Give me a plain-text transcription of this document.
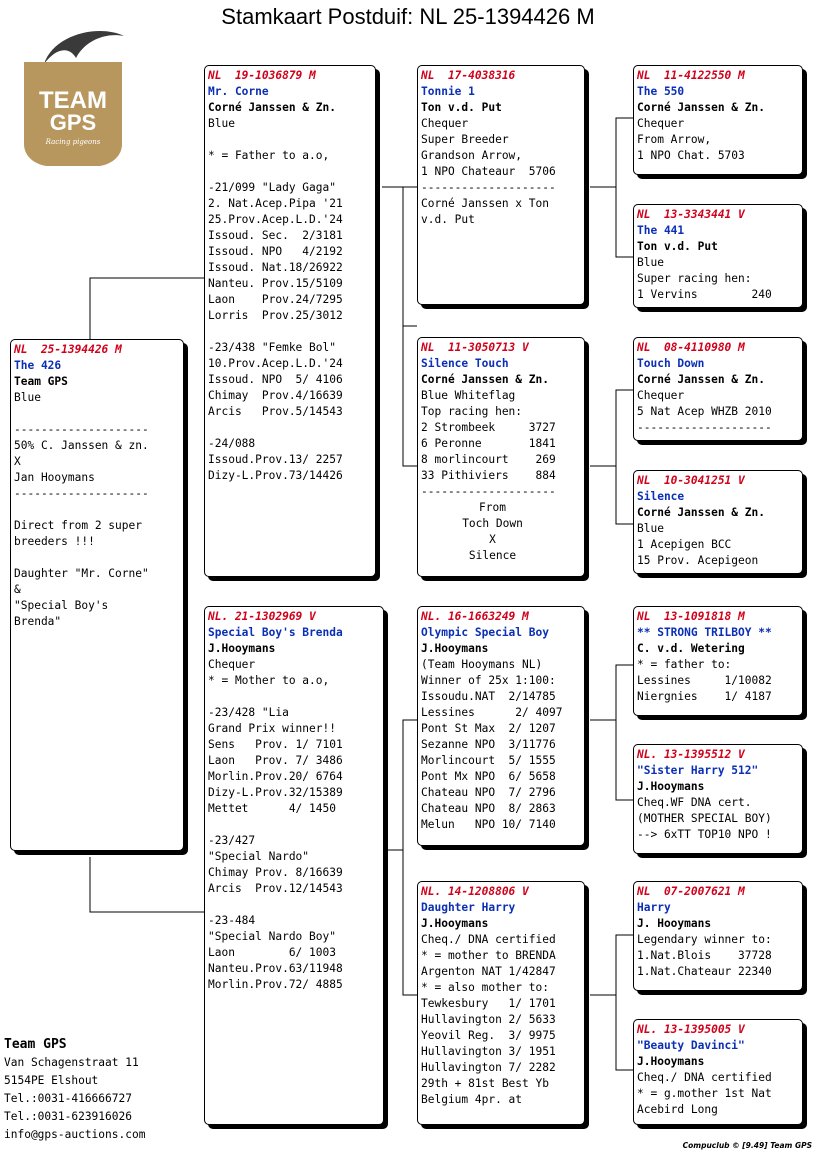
Stamkaart Postduif: NL 25-1394426 M
TEAM
GPS
Racing pigeons
NL  25-1394426 M
The 426
Team GPS
Blue
--------------------
50% C. Janssen & zn.
X
Jan Hooymans
--------------------
Direct from 2 super
breeders !!!
Daughter "Mr. Corne"
&
"Special Boy's
Brenda"
NL  19-1036879 M
Mr. Corne
Corné Janssen & Zn.
Blue
* = Father to a.o,
-21/099 "Lady Gaga"
2. Nat.Acep.Pipa '21
25.Prov.Acep.L.D.'24
Issoud. Sec.  2/3181
Issoud. NPO   4/2192
Issoud. Nat.18/26922
Nanteu. Prov.15/5109
Laon    Prov.24/7295
Lorris  Prov.25/3012
-23/438 "Femke Bol"
10.Prov.Acep.L.D.'24
Issoud. NPO  5/ 4106
Chimay  Prov.4/16639
Arcis   Prov.5/14543
-24/088
Issoud.Prov.13/ 2257
Dizy-L.Prov.73/14426
NL. 21-1302969 V
Special Boy's Brenda
J.Hooymans
Chequer
* = Mother to a.o,
-23/428 "Lia
Grand Prix winner!!
Sens   Prov. 1/ 7101
Laon   Prov. 7/ 3486
Morlin.Prov.20/ 6764
Dizy-L.Prov.32/15389
Mettet      4/ 1450
-23/427
"Special Nardo"
Chimay Prov. 8/16639
Arcis  Prov.12/14543
-23-484
"Special Nardo Boy"
Laon        6/ 1003
Nanteu.Prov.63/11948
Morlin.Prov.72/ 4885
NL  17-4038316
Tonnie 1
Ton v.d. Put
Chequer
Super Breeder
Grandson Arrow,
1 NPO Chateaur  5706
--------------------
Corné Janssen x Ton
v.d. Put
NL  11-3050713 V
Silence Touch
Corné Janssen & Zn.
Blue Whiteflag
Top racing hen:
2 Strombeek     3727
6 Peronne       1841
8 morlincourt    269
33 Pithiviers    884
--------------------
From
Toch Down
X
Silence
NL. 16-1663249 M
Olympic Special Boy
J.Hooymans
(Team Hooymans NL)
Winner of 25x 1:100:
Issoudu.NAT  2/14785
Lessines      2/ 4097
Pont St Max  2/ 1207
Sezanne NPO  3/11776
Morlincourt  5/ 1555
Pont Mx NPO  6/ 5658
Chateau NPO  7/ 2796
Chateau NPO  8/ 2863
Melun   NPO 10/ 7140
NL. 14-1208806 V
Daughter Harry
J.Hooymans
Cheq./ DNA certified
* = mother to BRENDA
Argenton NAT 1/42847
* = also mother to:
Tewkesbury   1/ 1701
Hullavington 2/ 5633
Yeovil Reg.  3/ 9975
Hullavington 3/ 1951
Hullavington 7/ 2282
29th + 81st Best Yb
Belgium 4pr. at
NL  11-4122550 M
The 550
Corné Janssen & Zn.
Chequer
From Arrow,
1 NPO Chat. 5703
NL  13-3343441 V
The 441
Ton v.d. Put
Blue
Super racing hen:
1 Vervins        240
NL  08-4110980 M
Touch Down
Corné Janssen & Zn.
Chequer
5 Nat Acep WHZB 2010
--------------------
NL  10-3041251 V
Silence
Corné Janssen & Zn.
Blue
1 Acepigen BCC
15 Prov. Acepigeon
NL  13-1091818 M
** STRONG TRILBOY **
C. v.d. Wetering
* = father to:
Lessines     1/10082
Niergnies    1/ 4187
NL. 13-1395512 V
"Sister Harry 512"
J.Hooymans
Cheq.WF DNA cert.
(MOTHER SPECIAL BOY)
--> 6xTT TOP10 NPO !
NL  07-2007621 M
Harry
J. Hooymans
Legendary winner to:
1.Nat.Blois    37728
1.Nat.Chateaur 22340
NL. 13-1395005 V
"Beauty Davinci"
J.Hooymans
Cheq./ DNA certified
* = g.mother 1st Nat
Acebird Long
Team GPS
Van Schagenstraat 11
5154PE Elshout
Tel.:0031-416666727
Tel.:0031-623916026
info@gps-auctions.com
Compuclub © [9.49] Team GPS
